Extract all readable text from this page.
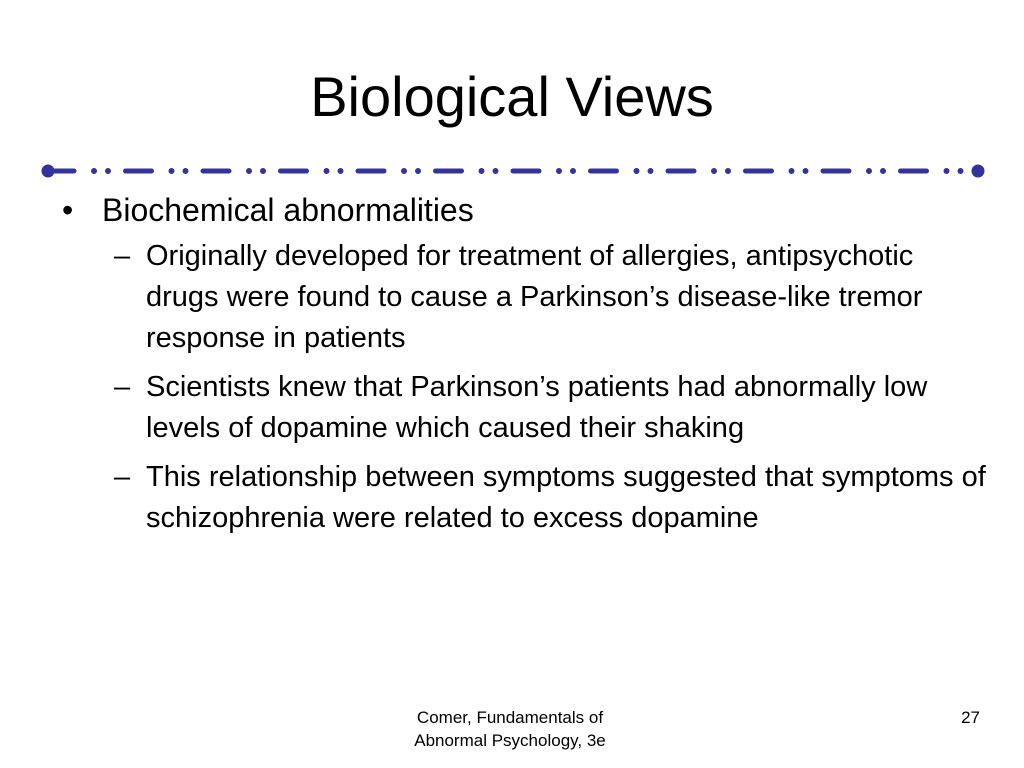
Biological Views
• Biochemical abnormalities
– Originally developed for treatment of allergies, antipsychotic drugs were found to cause a Parkinson’s disease-like tremor response in patients
– Scientists knew that Parkinson’s patients had abnormally low levels of dopamine which caused their shaking
– This relationship between symptoms suggested that symptoms of schizophrenia were related to excess dopamine
Comer, Fundamentals of
Abnormal Psychology, 3e
27
